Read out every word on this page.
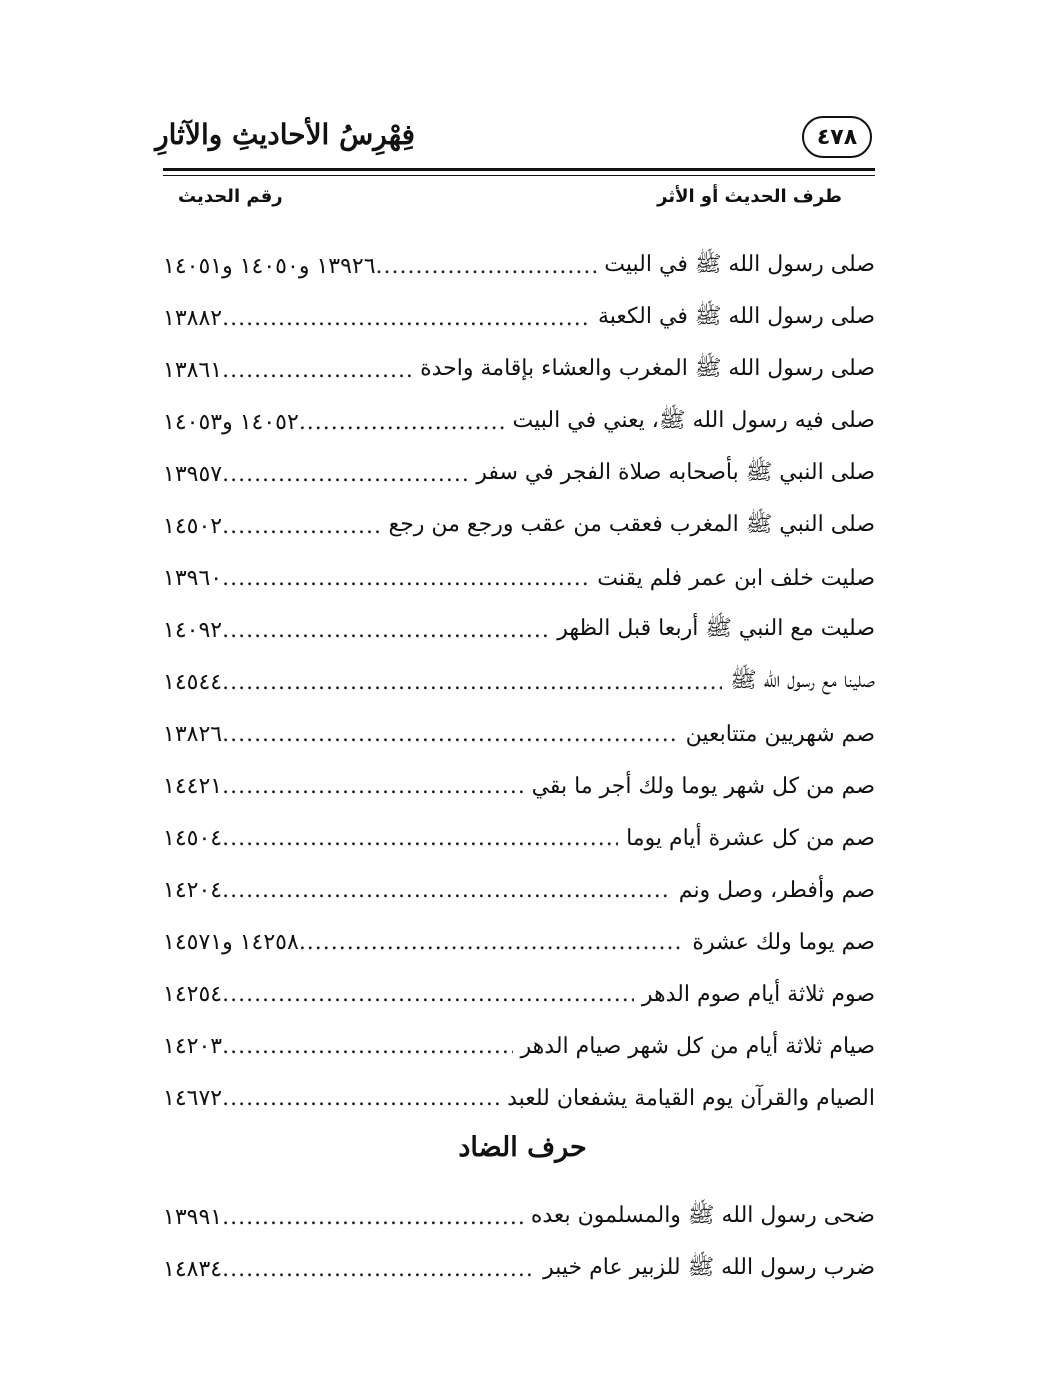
فِهْرِسُ الأحاديثِ والآثارِ	٤٧٨
طرف الحديث أو الأثر
رقم الحديث
صلى رسول الله ﷺ في البيت
.....
١٣٩٢٦ و١٤٠٥٠ و١٤٠٥١
صلى رسول الله ﷺ في الكعبة
.....
١٣٨٨٢
صلى رسول الله ﷺ المغرب والعشاء بإقامة واحدة
.....
١٣٨٦١
صلى فيه رسول الله ﷺ، يعني في البيت
.....
١٤٠٥٢ و١٤٠٥٣
صلى النبي ﷺ بأصحابه صلاة الفجر في سفر
.....
١٣٩٥٧
صلى النبي ﷺ المغرب فعقب من عقب ورجع من رجع
.....
١٤٥٠٢
صليت خلف ابن عمر فلم يقنت
.....
١٣٩٦٠
صليت مع النبي ﷺ أربعا قبل الظهر
.....
١٤٠٩٢
صلينا مع رسول الله ﷺ
.....
١٤٥٤٤
صم شهريين متتابعين
.....
١٣٨٢٦
صم من كل شهر يوما ولك أجر ما بقي
.....
١٤٤٢١
صم من كل عشرة أيام يوما
.....
١٤٥٠٤
صم وأفطر، وصل ونم
.....
١٤٢٠٤
صم يوما ولك عشرة
.....
١٤٢٥٨ و١٤٥٧١
صوم ثلاثة أيام صوم الدهر
.....
١٤٢٥٤
صيام ثلاثة أيام من كل شهر صيام الدهر
.....
١٤٢٠٣
الصيام والقرآن يوم القيامة يشفعان للعبد
.....
١٤٦٧٢
حرف الضاد
ضحى رسول الله ﷺ والمسلمون بعده
.....
١٣٩٩١
ضرب رسول الله ﷺ للزبير عام خيبر
.....
١٤٨٣٤
